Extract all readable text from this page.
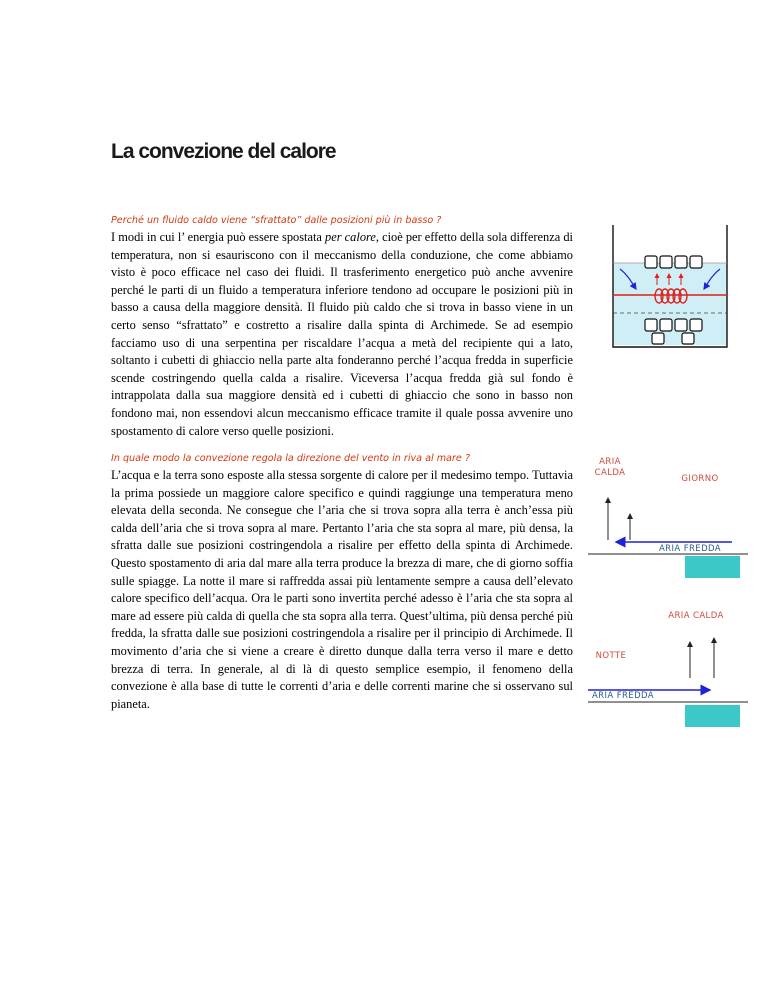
La convezione del calore
Perché un fluido caldo viene “sfrattato” dalle posizioni più in basso ?

I modi in cui l’ energia può essere spostata per calore, cioè per effetto della sola differenza di temperatura, non si esauriscono con il meccanismo della conduzione, che come abbiamo visto è poco efficace nel caso dei fluidi. Il trasferimento energetico può anche avvenire perché le parti di un fluido a temperatura inferiore tendono ad occupare le posizioni più in basso a causa della maggiore densità. Il fluido più caldo che si trova in basso viene in un certo senso “sfrattato” e costretto a risalire dalla spinta di Archimede. Se ad esempio facciamo uso di una serpentina per riscaldare l’acqua a metà del recipiente qui a lato, soltanto i cubetti di ghiaccio nella parte alta fonderanno perché l’acqua fredda in superficie scende costringendo quella calda a risalire. Viceversa l’acqua fredda già sul fondo è intrappolata dalla sua maggiore densità ed i cubetti di ghiaccio che sono in basso non fondono mai, non essendovi alcun meccanismo efficace tramite il quale possa avvenire uno spostamento di calore verso quelle posizioni.

In quale modo la convezione regola la direzione del vento in riva al mare ?

L’acqua e la terra sono esposte alla stessa sorgente di calore per il medesimo tempo. Tuttavia la prima possiede un maggiore calore specifico e quindi raggiunge una temperatura meno elevata della seconda. Ne consegue che l’aria che si trova sopra alla terra è anch’essa più calda dell’aria che si trova sopra al mare. Pertanto l’aria che sta sopra al mare, più densa, la sfratta dalle sue posizioni costringendola a risalire per effetto della spinta di Archimede. Questo spostamento di aria dal mare alla terra produce la brezza di mare, che di giorno soffia sulle spiagge. La notte il mare si raffredda assai più lentamente sempre a causa dell’elevato calore specifico dell’acqua. Ora le parti sono invertita perché adesso è l’aria che sta sopra al mare ad essere più calda di quella che sta sopra alla terra. Quest’ultima, più densa perché più fredda, la sfratta dalle sue posizioni costringendola a risalire per il principio di Archimede. Il movimento d’aria che si viene a creare è diretto dunque dalla terra verso il mare e detto brezza di terra. In generale, al di là di questo semplice esempio, il fenomeno della convezione è alla base di tutte le correnti d’aria e delle correnti marine che si osservano sul pianeta.

ARIA CALDA
GIORNO
ARIA FREDDA
ARIA CALDA
NOTTE
ARIA FREDDA
